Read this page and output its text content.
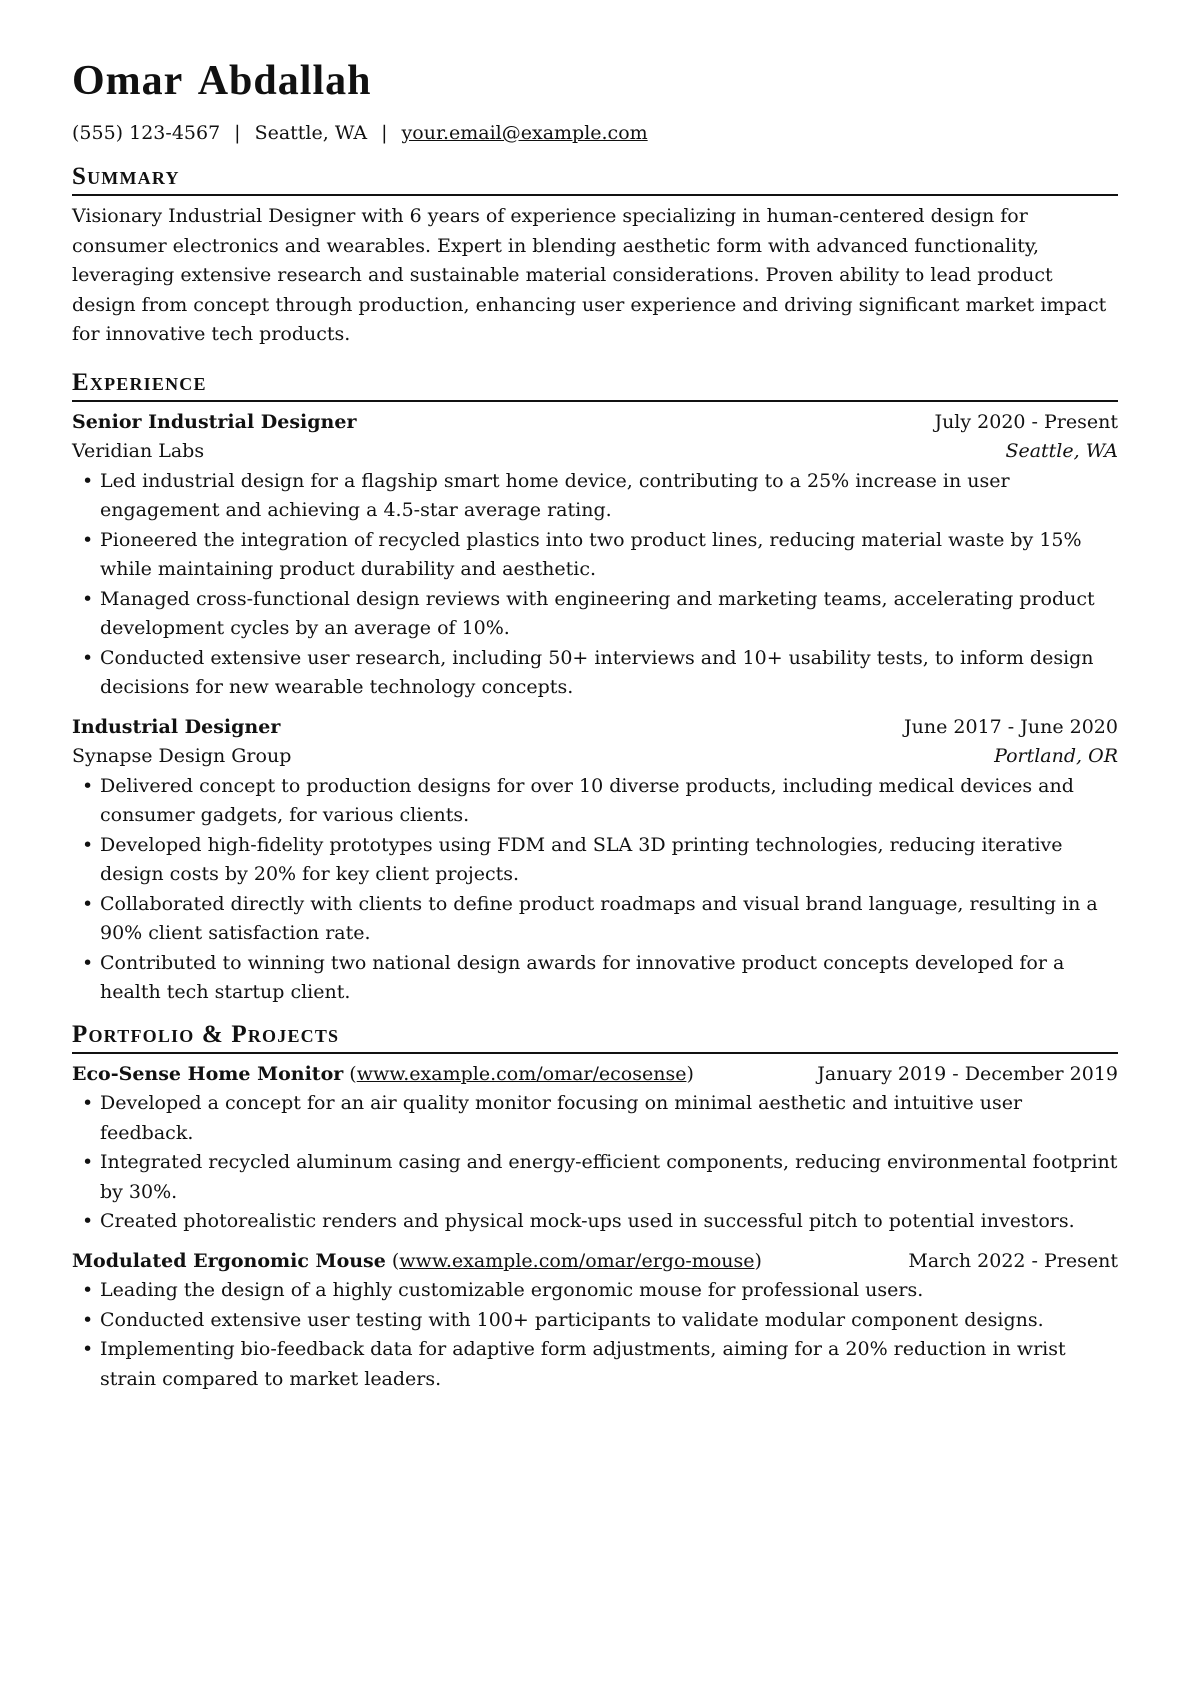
Omar Abdallah
(555) 123-4567 | Seattle, WA | your.email@example.com
Summary

Visionary Industrial Designer with 6 years of experience specializing in human-centered design for consumer electronics and wearables. Expert in blending aesthetic form with advanced functionality, leveraging extensive research and sustainable material considerations. Proven ability to lead product design from concept through production, enhancing user experience and driving significant market impact for innovative tech products.

Experience
Senior Industrial Designer	July 2020 - Present
Veridian Labs	Seattle, WA
• Led industrial design for a flagship smart home device, contributing to a 25% increase in user engagement and achieving a 4.5-star average rating.
• Pioneered the integration of recycled plastics into two product lines, reducing material waste by 15% while maintaining product durability and aesthetic.
• Managed cross-functional design reviews with engineering and marketing teams, accelerating product development cycles by an average of 10%.
• Conducted extensive user research, including 50+ interviews and 10+ usability tests, to inform design decisions for new wearable technology concepts.
Industrial Designer	June 2017 - June 2020
Synapse Design Group	Portland, OR
• Delivered concept to production designs for over 10 diverse products, including medical devices and consumer gadgets, for various clients.
• Developed high-fidelity prototypes using FDM and SLA 3D printing technologies, reducing iterative design costs by 20% for key client projects.
• Collaborated directly with clients to define product roadmaps and visual brand language, resulting in a 90% client satisfaction rate.
• Contributed to winning two national design awards for innovative product concepts developed for a health tech startup client.
Portfolio & Projects
Eco-Sense Home Monitor (www.example.com/omar/ecosense)	January 2019 - December 2019
• Developed a concept for an air quality monitor focusing on minimal aesthetic and intuitive user feedback.
• Integrated recycled aluminum casing and energy-efficient components, reducing environmental footprint by 30%.
• Created photorealistic renders and physical mock-ups used in successful pitch to potential investors.
Modulated Ergonomic Mouse (www.example.com/omar/ergo-mouse)	March 2022 - Present
• Leading the design of a highly customizable ergonomic mouse for professional users.
• Conducted extensive user testing with 100+ participants to validate modular component designs.
• Implementing bio-feedback data for adaptive form adjustments, aiming for a 20% reduction in wrist strain compared to market leaders.
